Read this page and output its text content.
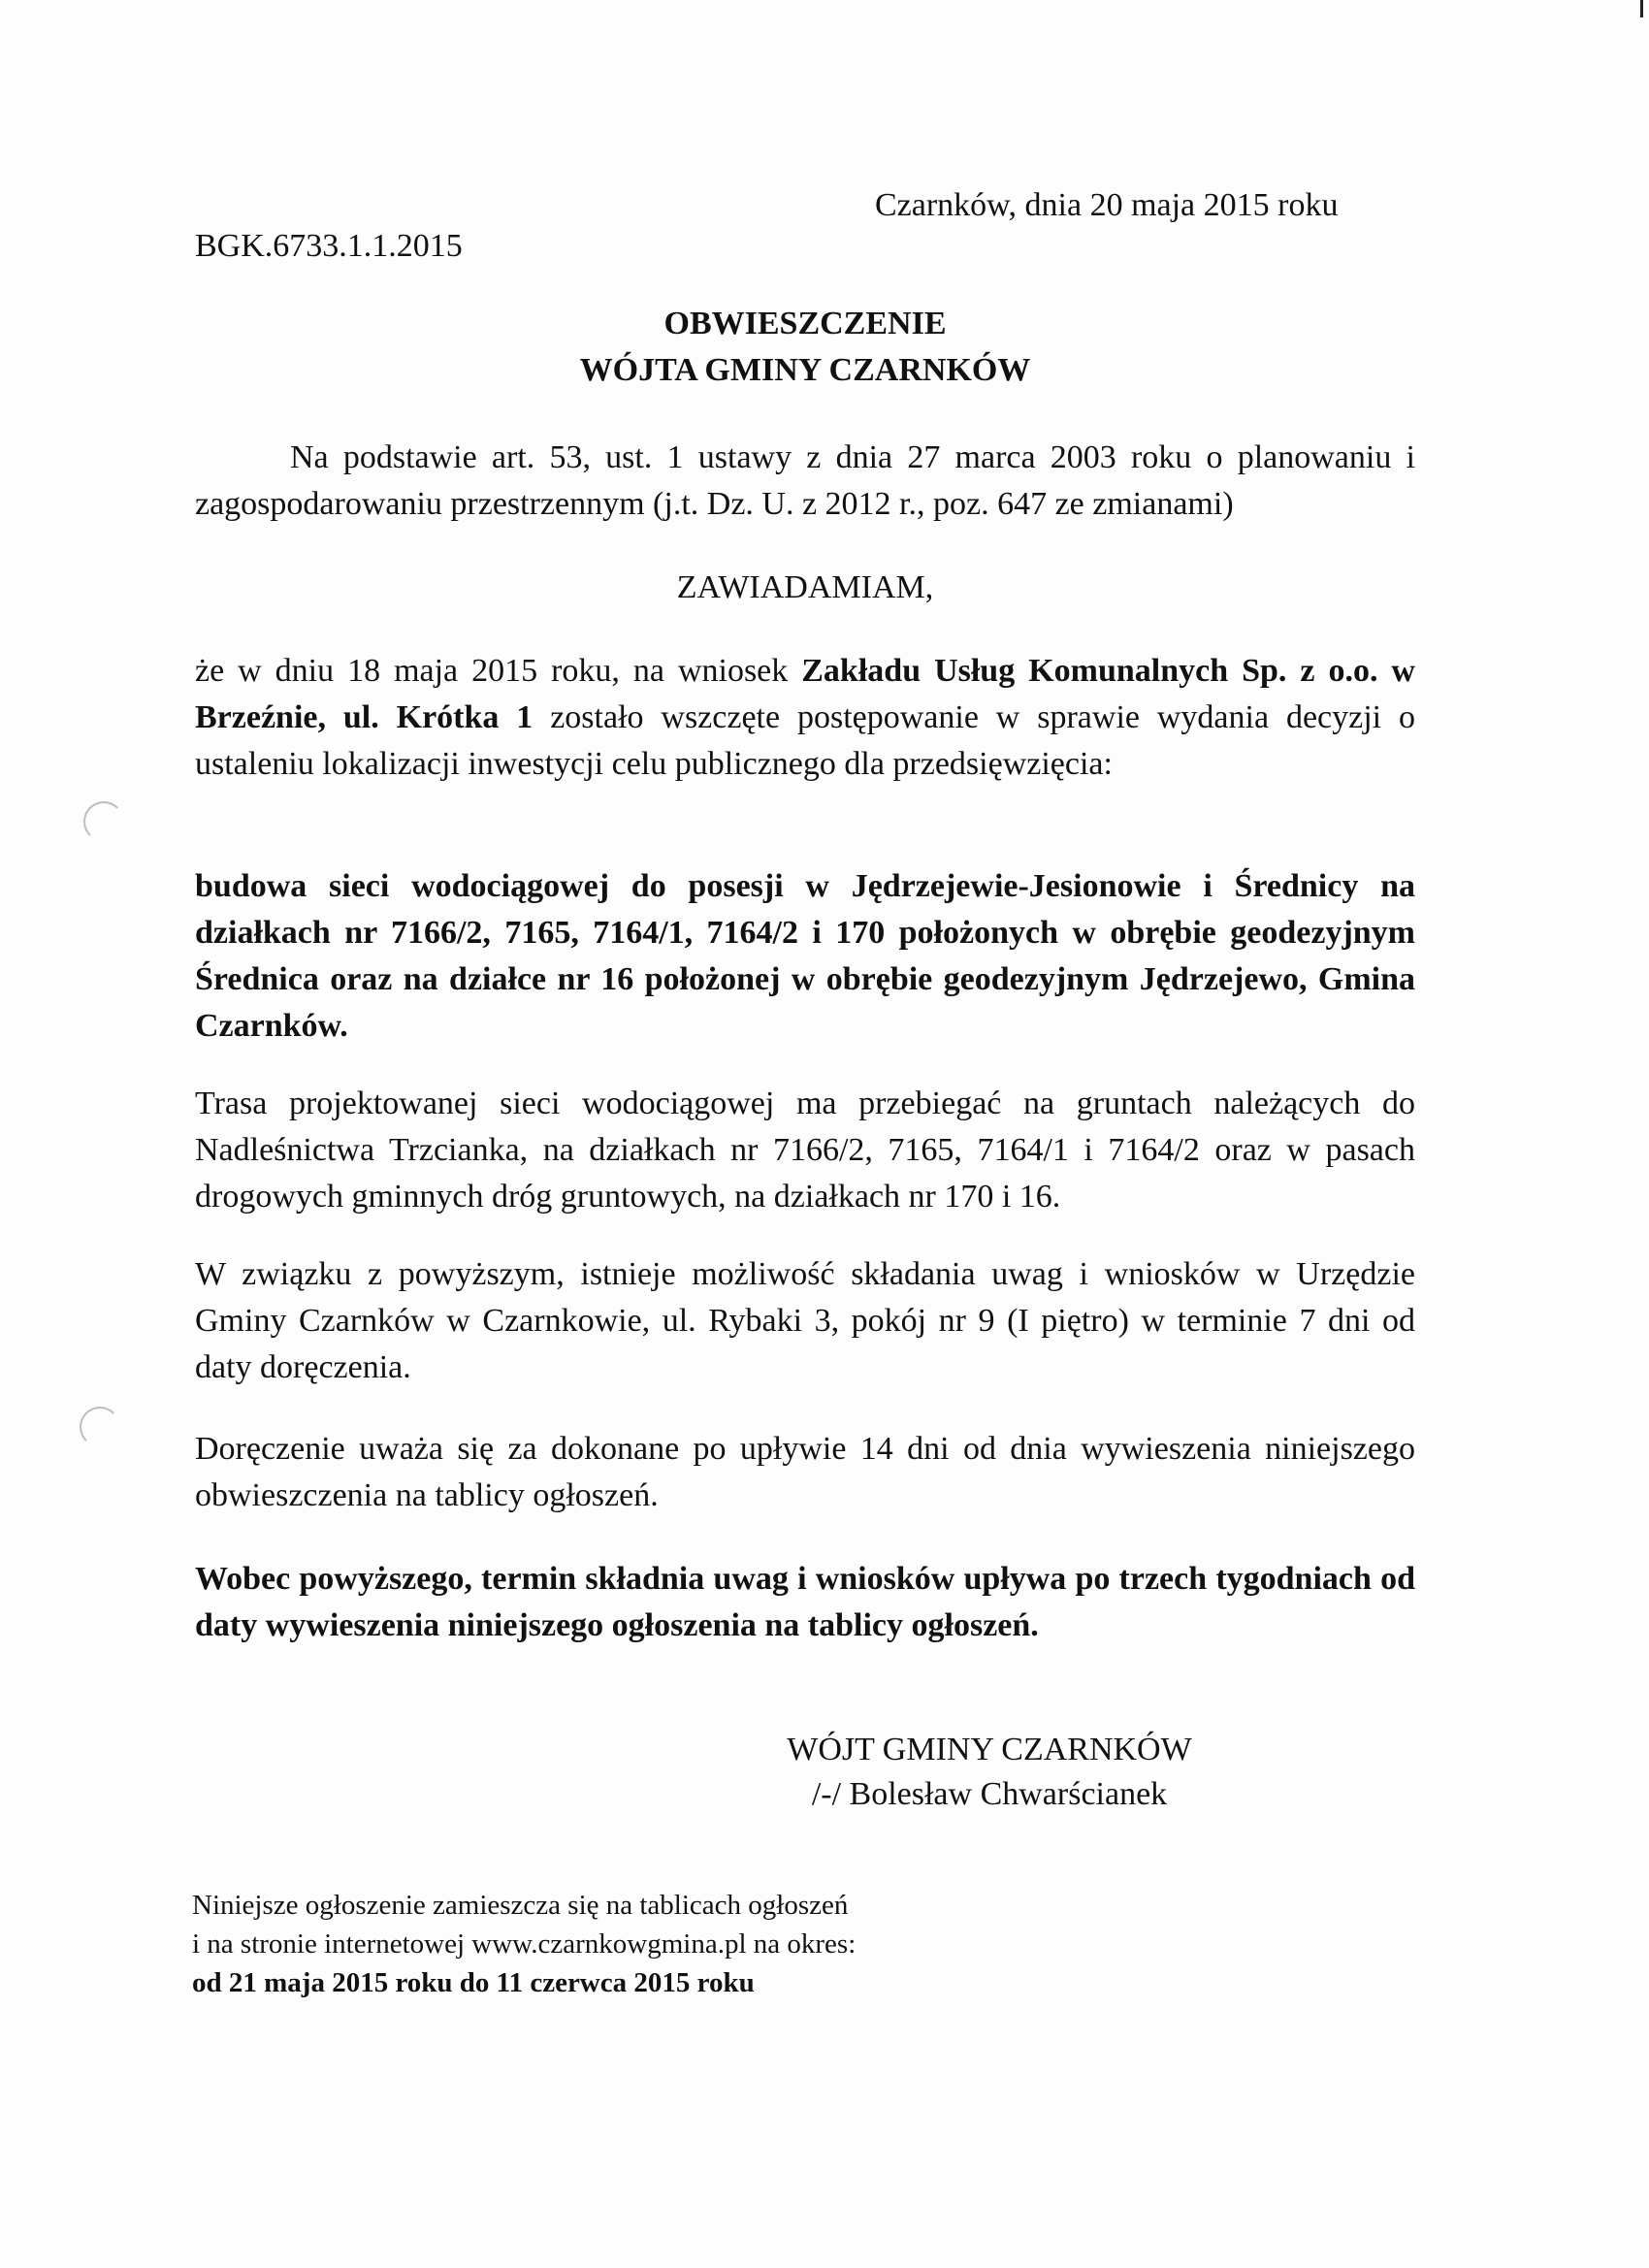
Czarnków, dnia 20 maja 2015 roku
BGK.6733.1.1.2015
OBWIESZCZENIE
WÓJTA GMINY CZARNKÓW
Na podstawie art. 53, ust. 1 ustawy z dnia 27 marca 2003 roku o planowaniu i zagospodarowaniu przestrzennym (j.t. Dz. U. z 2012 r., poz. 647 ze zmianami)
ZAWIADAMIAM,
że w dniu 18 maja 2015 roku, na wniosek Zakładu Usług Komunalnych Sp. z o.o. w Brzeźnie, ul. Krótka 1 zostało wszczęte postępowanie w sprawie wydania decyzji o ustaleniu lokalizacji inwestycji celu publicznego dla przedsięwzięcia:
budowa sieci wodociągowej do posesji w Jędrzejewie-Jesionowie i Średnicy na działkach nr 7166/2, 7165, 7164/1, 7164/2 i 170 położonych w obrębie geodezyjnym Średnica oraz na działce nr 16 położonej w obrębie geodezyjnym Jędrzejewo, Gmina Czarnków.
Trasa projektowanej sieci wodociągowej ma przebiegać na gruntach należących do Nadleśnictwa Trzcianka, na działkach nr 7166/2, 7165, 7164/1 i 7164/2 oraz w pasach drogowych gminnych dróg gruntowych, na działkach nr 170 i 16.
W związku z powyższym, istnieje możliwość składania uwag i wniosków w Urzędzie Gminy Czarnków w Czarnkowie, ul. Rybaki 3, pokój nr 9 (I piętro) w terminie 7 dni od daty doręczenia.
Doręczenie uważa się za dokonane po upływie 14 dni od dnia wywieszenia niniejszego obwieszczenia na tablicy ogłoszeń.
Wobec powyższego, termin składnia uwag i wniosków upływa po trzech tygodniach od daty wywieszenia niniejszego ogłoszenia na tablicy ogłoszeń.
WÓJT GMINY CZARNKÓW
/-/ Bolesław Chwarścianek
Niniejsze ogłoszenie zamieszcza się na tablicach ogłoszeń
i na stronie internetowej www.czarnkowgmina.pl na okres:
od 21 maja 2015 roku do 11 czerwca 2015 roku
